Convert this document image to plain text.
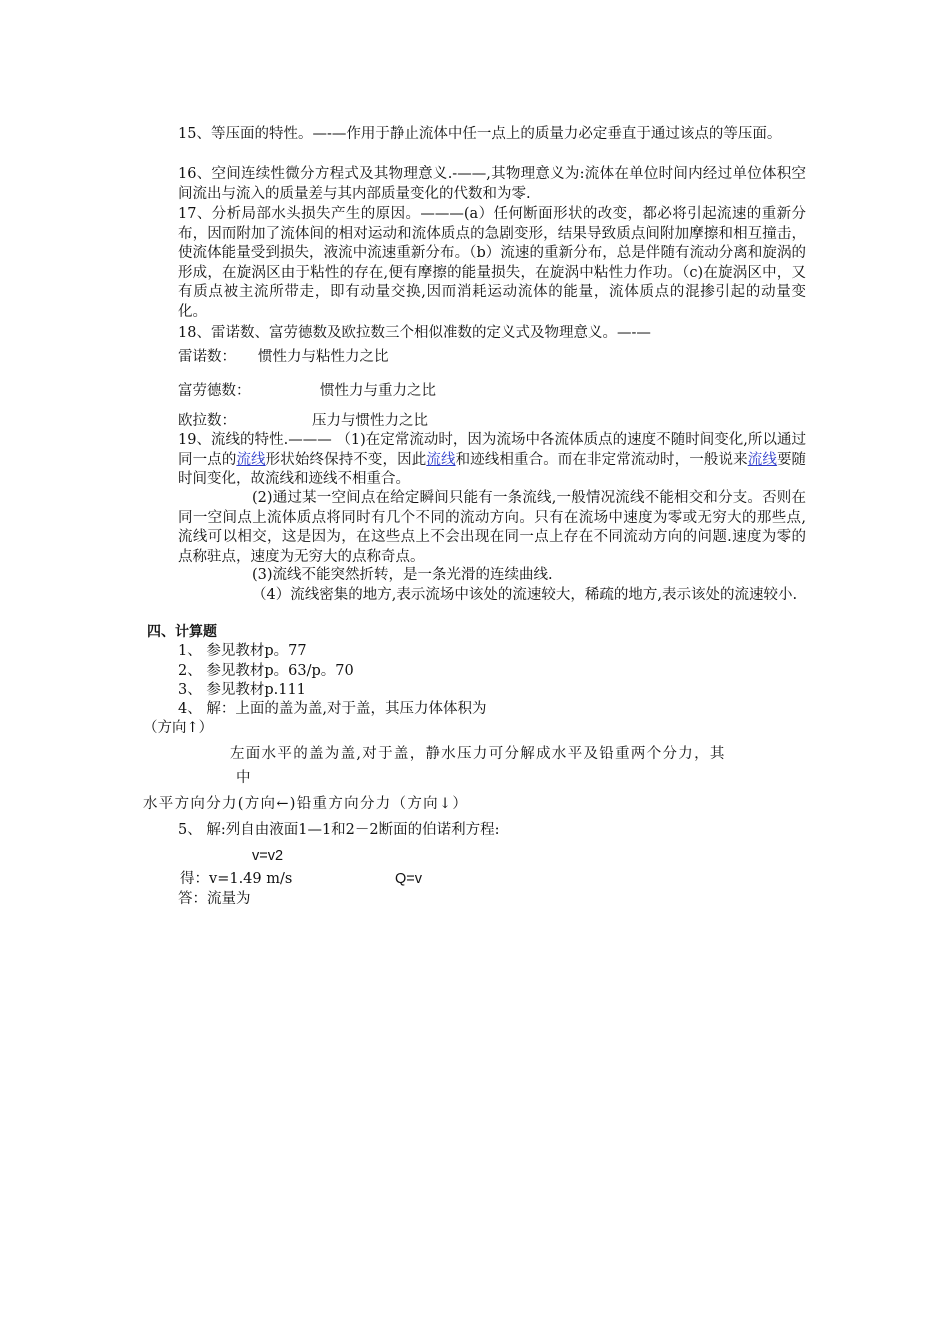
15、等压面的特性。—-—作用于静止流体中任一点上的质量力必定垂直于通过该点的等压面。
16、空间连续性微分方程式及其物理意义.-——,其物理意义为:流体在单位时间内经过单位体积空间流出与流入的质量差与其内部质量变化的代数和为零.
17、分析局部水头损失产生的原因。———(a）任何断面形状的改变，都必将引起流速的重新分布，因而附加了流体间的相对运动和流体质点的急剧变形，结果导致质点间附加摩擦和相互撞击，使流体能量受到损失，液流中流速重新分布。（b）流速的重新分布，总是伴随有流动分离和旋涡的形成，在旋涡区由于粘性的存在,便有摩擦的能量损失，在旋涡中粘性力作功。（c)在旋涡区中，又有质点被主流所带走，即有动量交换,因而消耗运动流体的能量，流体质点的混掺引起的动量变化。
18、雷诺数、富劳德数及欧拉数三个相似准数的定义式及物理意义。—-—
雷诺数： 惯性力与粘性力之比
富劳德数：	惯性力与重力之比
欧拉数：	压力与惯性力之比
19、流线的特性.——— （1)在定常流动时，因为流场中各流体质点的速度不随时间变化,所以通过同一点的流线形状始终保持不变，因此流线和迹线相重合。而在非定常流动时，一般说来流线要随时间变化，故流线和迹线不相重合。
(2)通过某一空间点在给定瞬间只能有一条流线,一般情况流线不能相交和分支。否则在同一空间点上流体质点将同时有几个不同的流动方向。只有在流场中速度为零或无穷大的那些点,流线可以相交，这是因为，在这些点上不会出现在同一点上存在不同流动方向的问题.速度为零的点称驻点，速度为无穷大的点称奇点。
(3)流线不能突然折转，是一条光滑的连续曲线.
（4）流线密集的地方,表示流场中该处的流速较大，稀疏的地方,表示该处的流速较小.
四、计算题
1、 参见教材p。77
2、 参见教材p。63/p。70
3、 参见教材p.111
4、 解：上面的盖为盖,对于盖，其压力体体积为
（方向↑）
左面水平的盖为盖,对于盖，静水压力可分解成水平及铅重两个分力，其
中
水平方向分力(方向←)铅重方向分力（方向↓）
5、 解:列自由液面1—1和2－2断面的伯诺利方程:
v=v2
得：v=1.49 m/s	Q=v
答：流量为
